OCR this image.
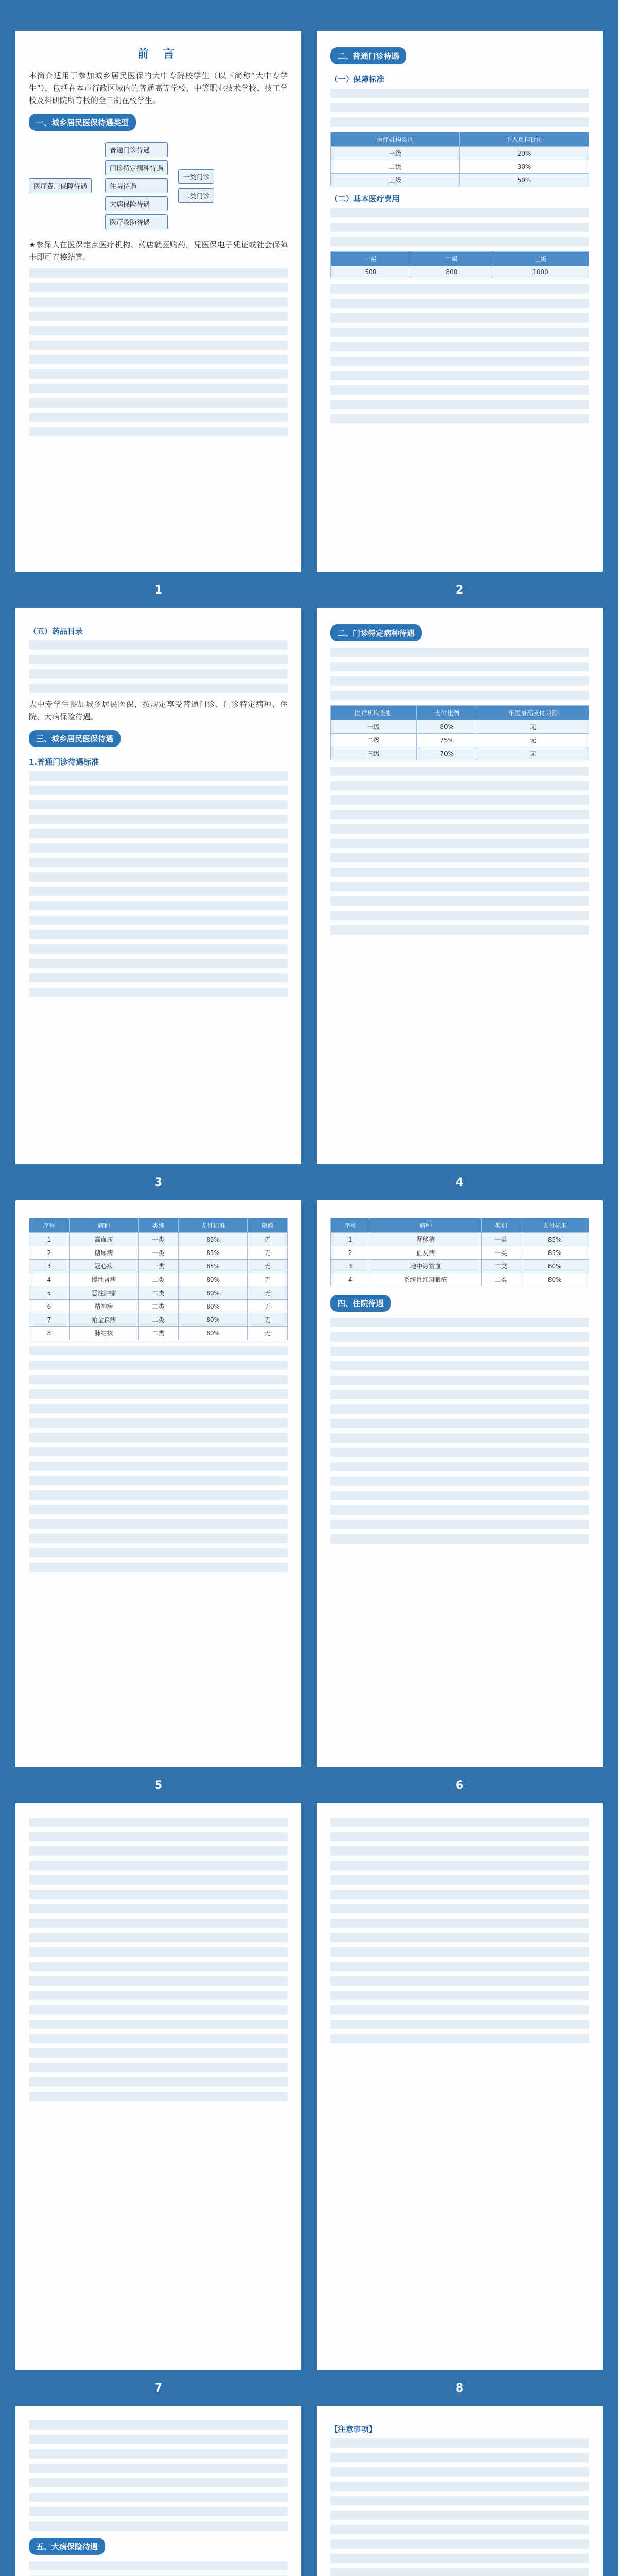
前 言

本简介适用于参加城乡居民医保的大中专院校学生（以下简称“大中专学生”），包括在本市行政区域内的普通高等学校、中等职业技术学校、技工学校及科研院所等校的全日制在校学生。

一、城乡居民医保待遇类型
医疗费用保障待遇
普通门诊待遇
门诊特定病种待遇
住院待遇
大病保险待遇
医疗救助待遇
一类门诊
二类门诊

★参保人在医保定点医疗机构、药店就医购药，凭医保电子凭证或社会保障卡即可直接结算。

二、普通门诊待遇
（一）保障标准
医疗机构类别	个人负担比例
一级	20%
二级	30%
三级	50%
（二）基本医疗费用
一级	二级	三级
500	800	1000
1	2
（五）药品目录

大中专学生参加城乡居民医保，按规定享受普通门诊、门诊特定病种、住院、大病保险待遇。

三、城乡居民医保待遇
1.普通门诊待遇标准
二、门诊特定病种待遇
医疗机构类别	支付比例	年度最高支付限额
一级	80%	无
二级	75%	无
三级	70%	无
3	4
序号	病种	类别	支付标准	限额
1	高血压	一类	85%	无
2	糖尿病	一类	85%	无
3	冠心病	一类	85%	无
4	慢性肾病	二类	80%	无
5	恶性肿瘤	二类	80%	无
6	精神病	二类	80%	无
7	帕金森病	二类	80%	无
8	肺结核	二类	80%	无
序号	病种	类别	支付标准
1	肾移植	一类	85%
2	血友病	一类	85%
3	地中海贫血	二类	80%
4	系统性红斑狼疮	二类	80%
四、住院待遇
5	6
7	8
五、大病保险待遇
【注意事项】
